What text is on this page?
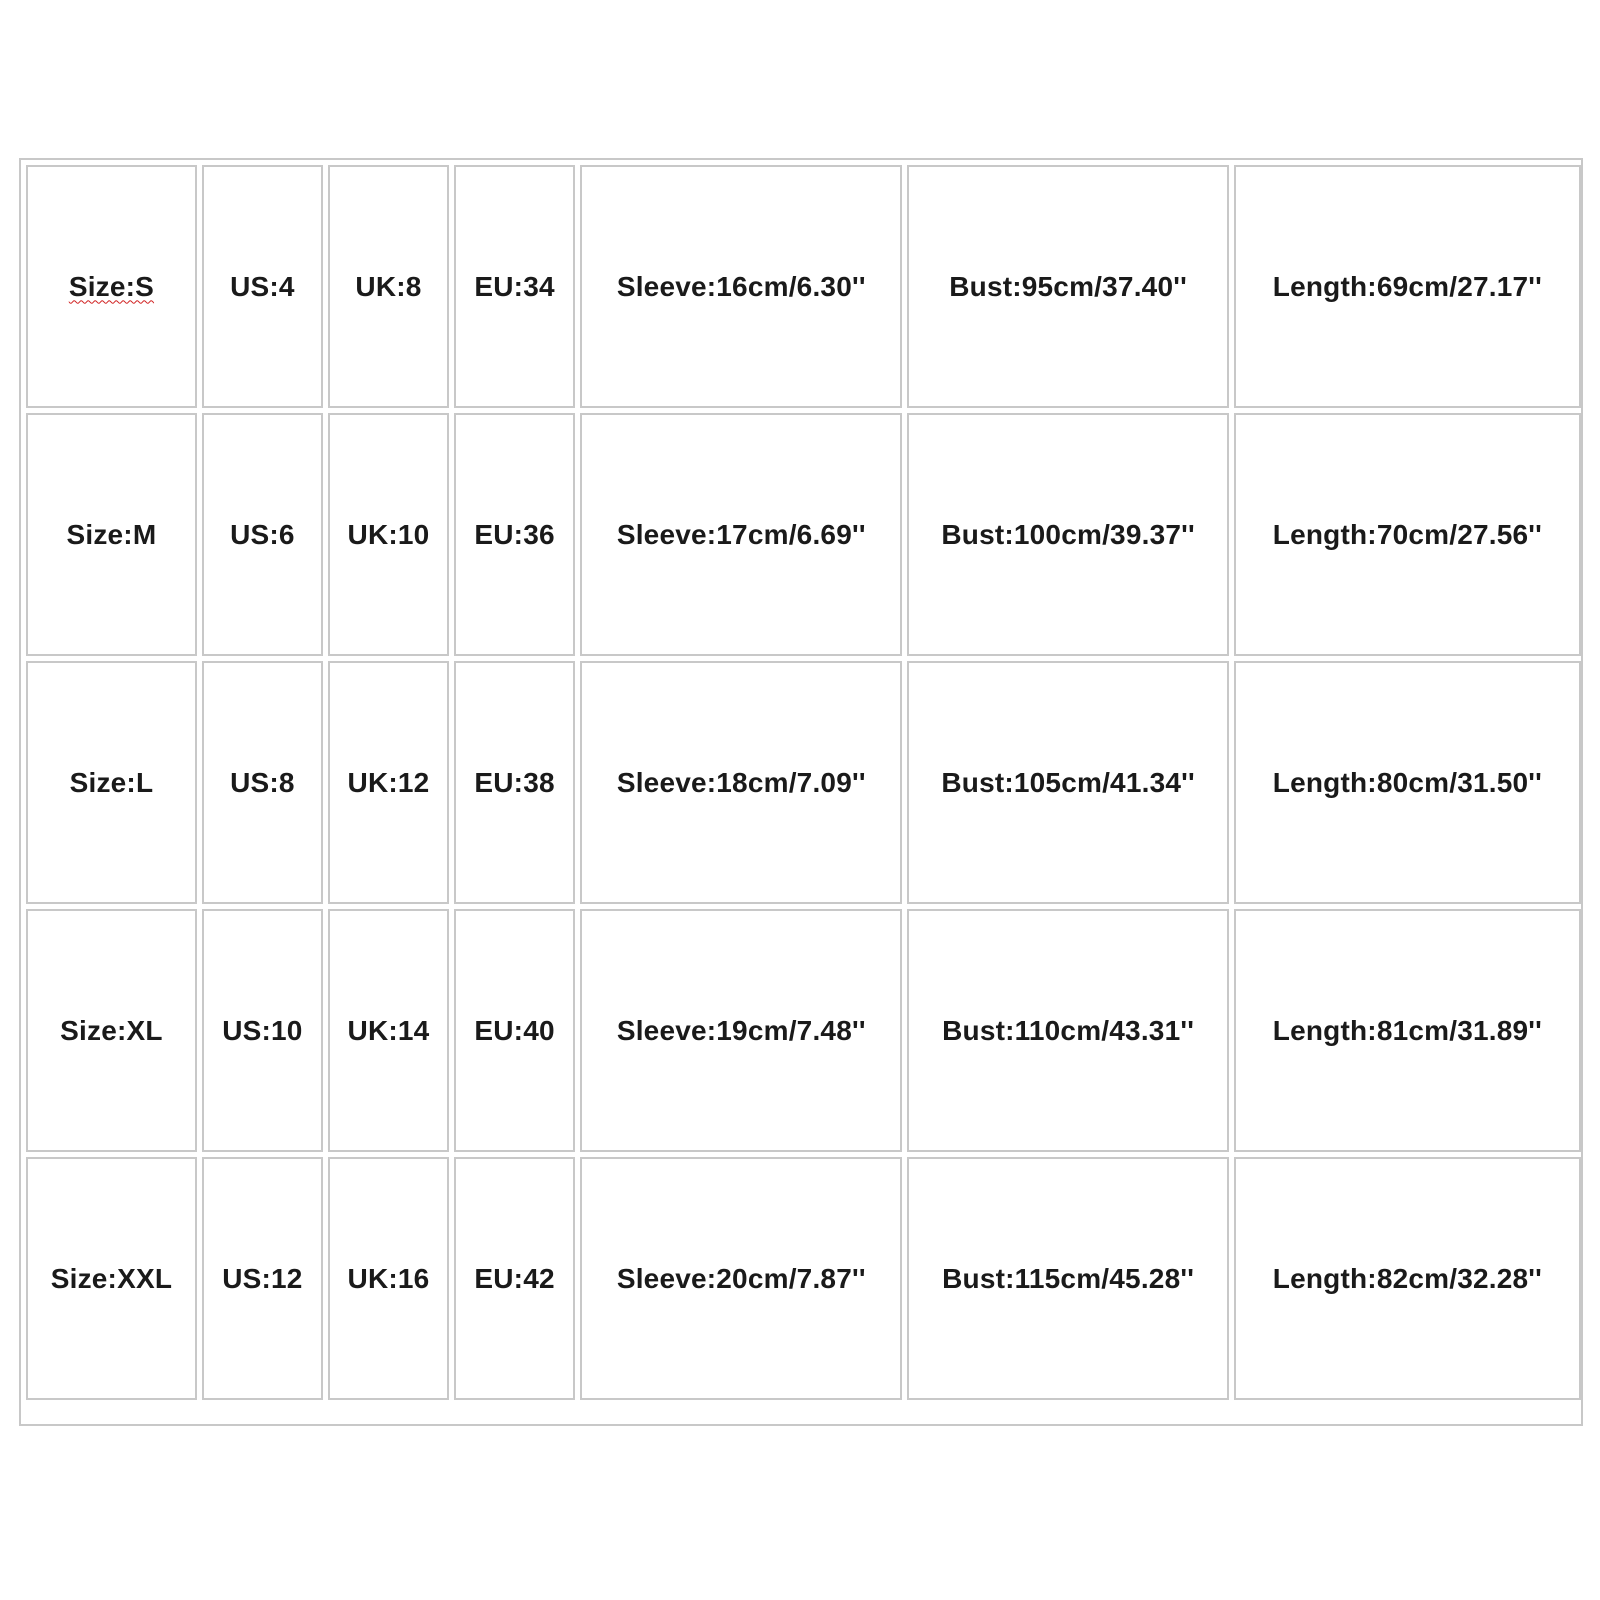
Size:S	US:4	UK:8	EU:34	Sleeve:16cm/6.30''	Bust:95cm/37.40''	Length:69cm/27.17''
Size:M	US:6	UK:10	EU:36	Sleeve:17cm/6.69''	Bust:100cm/39.37''	Length:70cm/27.56''
Size:L	US:8	UK:12	EU:38	Sleeve:18cm/7.09''	Bust:105cm/41.34''	Length:80cm/31.50''
Size:XL	US:10	UK:14	EU:40	Sleeve:19cm/7.48''	Bust:110cm/43.31''	Length:81cm/31.89''
Size:XXL	US:12	UK:16	EU:42	Sleeve:20cm/7.87''	Bust:115cm/45.28''	Length:82cm/32.28''
